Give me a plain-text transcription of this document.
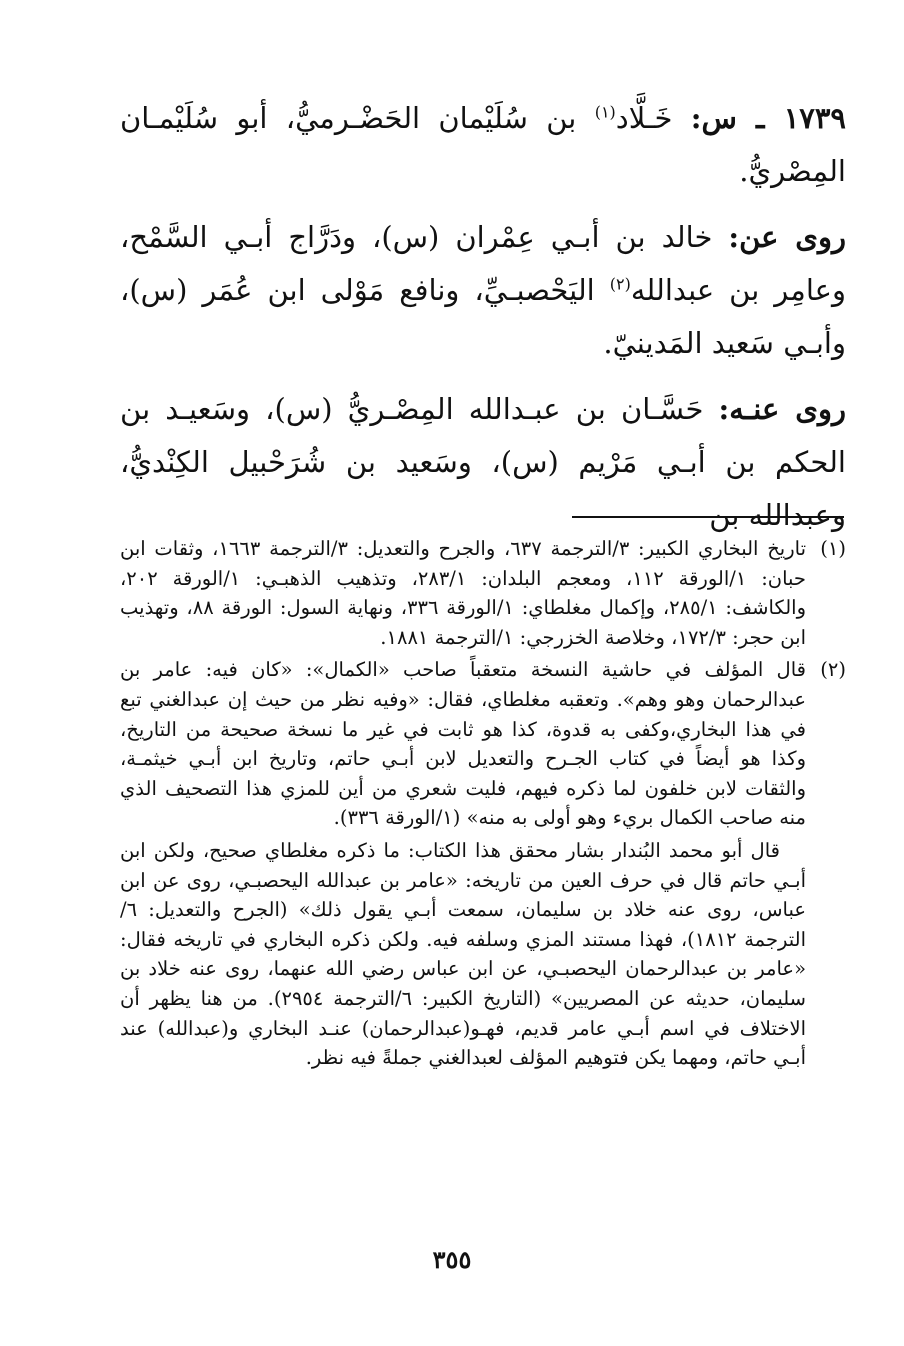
١٧٣٩ ـ س: خَـلَّاد$^{(١)}$ بن سُلَيْمان الحَضْـرميُّ، أبو سُلَيْمـان المِصْريُّ.

روى عن: خالد بن أبـي عِمْران (س)، ودَرَّاج أبـي السَّمْح، وعامِر بن عبدالله$^{(٢)}$ اليَحْصبـيِّ، ونافع مَوْلى ابن عُمَر (س)، وأبـي سَعيد المَدينيّ.

روى عنـه: حَسَّـان بن عبـدالله المِصْـريُّ (س)، وسَعيـد بن الحكم بن أبـي مَرْيم (س)، وسَعيد بن شُرَحْبيل الكِنْديُّ، وعبدالله بن

(١)

تاريخ البخاري الكبير: ٣/الترجمة ٦٣٧، والجرح والتعديل: ٣/الترجمة ١٦٦٣، وثقات ابن حبان: ١/الورقة ١١٢، ومعجم البلدان: ٢٨٣/١، وتذهيب الذهبـي: ١/الورقة ٢٠٢، والكاشف: ٢٨٥/١، وإكمال مغلطاي: ١/الورقة ٣٣٦، ونهاية السول: الورقة ٨٨، وتهذيب ابن حجر: ١٧٢/٣، وخلاصة الخزرجي: ١/الترجمة ١٨٨١.

(٢)

قال المؤلف في حاشية النسخة متعقباً صاحب «الكمال»: «كان فيه: عامر بن عبدالرحمان وهو وهم». وتعقبه مغلطاي، فقال: «وفيه نظر من حيث إن عبدالغني تبع في هذا البخاري،وكفى به قدوة، كذا هو ثابت في غير ما نسخة صحيحة من التاريخ، وكذا هو أيضاً في كتاب الجـرح والتعديل لابن أبـي حاتم، وتاريخ ابن أبـي خيثمـة، والثقات لابن خلفون لما ذكره فيهم، فليت شعري من أين للمزي هذا التصحيف الذي منه صاحب الكمال بريء وهو أولى به منه» (١/الورقة ٣٣٦).

قال أبو محمد البُندار بشار محقق هذا الكتاب: ما ذكره مغلطاي صحيح، ولكن ابن أبـي حاتم قال في حرف العين من تاريخه: «عامر بن عبدالله اليحصبـي، روى عن ابن عباس، روى عنه خلاد بن سليمان، سمعت أبـي يقول ذلك» (الجرح والتعديل: ٦/الترجمة ١٨١٢)، فهذا مستند المزي وسلفه فيه. ولكن ذكره البخاري في تاريخه فقال: «عامر بن عبدالرحمان اليحصبـي، عن ابن عباس رضي الله عنهما، روى عنه خلاد بن سليمان، حديثه عن المصريين» (التاريخ الكبير: ٦/الترجمة ٢٩٥٤). من هنا يظهر أن الاختلاف في اسم أبـي عامر قديم، فهـو(عبدالرحمان) عنـد البخاري و(عبدالله) عند أبـي حاتم، ومهما يكن فتوهيم المؤلف لعبدالغني جملةً فيه نظر.

٣٥٥
